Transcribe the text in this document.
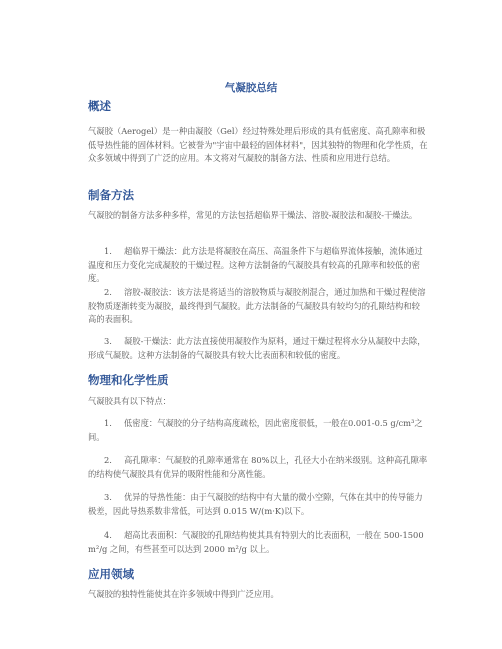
气凝胶总结
概述

气凝胶（Aerogel）是一种由凝胶（Gel）经过特殊处理后形成的具有低密度、高孔隙率和极低导热性能的固体材料。它被誉为"宇宙中最轻的固体材料"，因其独特的物理和化学性质，在众多领域中得到了广泛的应用。本文将对气凝胶的制备方法、性质和应用进行总结。

制备方法

气凝胶的制备方法多种多样，常见的方法包括超临界干燥法、溶胶-凝胶法和凝胶-干燥法。

1. 超临界干燥法：此方法是将凝胶在高压、高温条件下与超临界流体接触，流体通过温度和压力变化完成凝胶的干燥过程。这种方法制备的气凝胶具有较高的孔隙率和较低的密度。

2. 溶胶-凝胶法：该方法是将适当的溶胶物质与凝胶剂混合，通过加热和干燥过程使溶胶物质逐渐转变为凝胶，最终得到气凝胶。此方法制备的气凝胶具有较均匀的孔隙结构和较高的表面积。

3. 凝胶-干燥法：此方法直接使用凝胶作为原料，通过干燥过程将水分从凝胶中去除，形成气凝胶。这种方法制备的气凝胶具有较大比表面积和较低的密度。

物理和化学性质

气凝胶具有以下特点：

1. 低密度：气凝胶的分子结构高度疏松，因此密度很低，一般在0.001-0.5 g/cm³之间。

2. 高孔隙率：气凝胶的孔隙率通常在 80%以上，孔径大小在纳米级别。这种高孔隙率的结构使气凝胶具有优异的吸附性能和分离性能。

3. 优异的导热性能：由于气凝胶的结构中有大量的微小空隙，气体在其中的传导能力极差，因此导热系数非常低，可达到 0.015 W/(m·K)以下。

4. 超高比表面积：气凝胶的孔隙结构使其具有特别大的比表面积，一般在 500-1500 m²/g 之间，有些甚至可以达到 2000 m²/g 以上。

应用领域

气凝胶的独特性能使其在许多领域中得到广泛应用。
